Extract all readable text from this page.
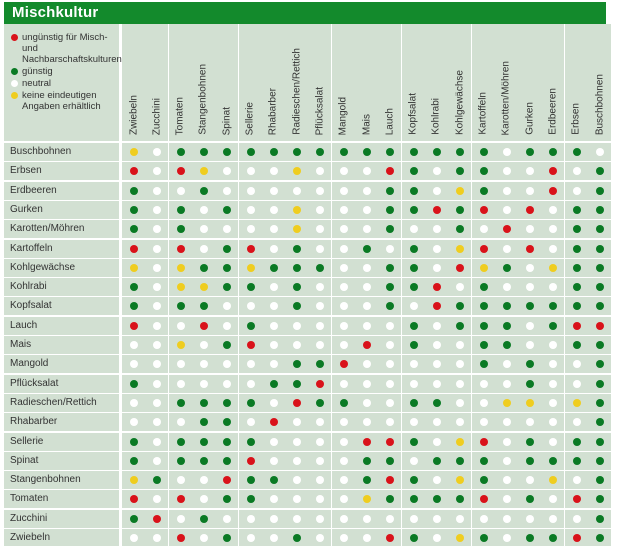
Mischkultur
ungünstig für Misch- und Nachbarschaftskulturen
günstig
neutral
keine eindeutigen Angaben erhältlich	Zwiebeln Zucchini Tomaten Stangenbohnen Spinat Sellerie Rhabarber Radieschen/Rettich Pflücksalat Mangold Mais Lauch Kopfsalat Kohlrabi Kohlgewächse Kartoffeln Karotten/Möhren Gurken Erdbeeren Erbsen Buschbohnen
Buschbohnen
Erbsen
Erdbeeren
Gurken
Karotten/Möhren
Kartoffeln
Kohlgewächse
Kohlrabi
Kopfsalat
Lauch
Mais
Mangold
Pflücksalat
Radieschen/Rettich
Rhabarber
Sellerie
Spinat
Stangenbohnen
Tomaten
Zucchini
Zwiebeln
